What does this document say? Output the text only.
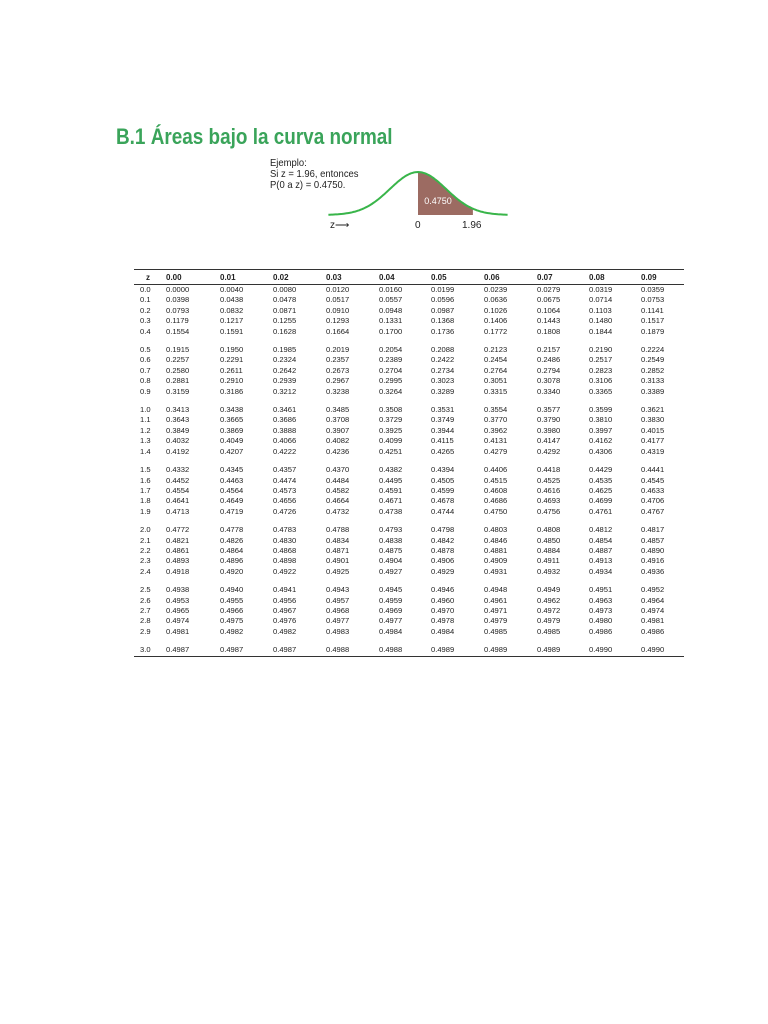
B.1 Áreas bajo la curva normal
Ejemplo:
Si z = 1.96, entonces
P(0 a z) = 0.4750.
0.4750
z⟶	0	1.96
z	0.00	0.01	0.02	0.03	0.04	0.05	0.06	0.07	0.08	0.09
0.0	0.0000	0.0040	0.0080	0.0120	0.0160	0.0199	0.0239	0.0279	0.0319	0.0359
0.1	0.0398	0.0438	0.0478	0.0517	0.0557	0.0596	0.0636	0.0675	0.0714	0.0753
0.2	0.0793	0.0832	0.0871	0.0910	0.0948	0.0987	0.1026	0.1064	0.1103	0.1141
0.3	0.1179	0.1217	0.1255	0.1293	0.1331	0.1368	0.1406	0.1443	0.1480	0.1517
0.4	0.1554	0.1591	0.1628	0.1664	0.1700	0.1736	0.1772	0.1808	0.1844	0.1879

0.5	0.1915	0.1950	0.1985	0.2019	0.2054	0.2088	0.2123	0.2157	0.2190	0.2224
0.6	0.2257	0.2291	0.2324	0.2357	0.2389	0.2422	0.2454	0.2486	0.2517	0.2549
0.7	0.2580	0.2611	0.2642	0.2673	0.2704	0.2734	0.2764	0.2794	0.2823	0.2852
0.8	0.2881	0.2910	0.2939	0.2967	0.2995	0.3023	0.3051	0.3078	0.3106	0.3133
0.9	0.3159	0.3186	0.3212	0.3238	0.3264	0.3289	0.3315	0.3340	0.3365	0.3389

1.0	0.3413	0.3438	0.3461	0.3485	0.3508	0.3531	0.3554	0.3577	0.3599	0.3621
1.1	0.3643	0.3665	0.3686	0.3708	0.3729	0.3749	0.3770	0.3790	0.3810	0.3830
1.2	0.3849	0.3869	0.3888	0.3907	0.3925	0.3944	0.3962	0.3980	0.3997	0.4015
1.3	0.4032	0.4049	0.4066	0.4082	0.4099	0.4115	0.4131	0.4147	0.4162	0.4177
1.4	0.4192	0.4207	0.4222	0.4236	0.4251	0.4265	0.4279	0.4292	0.4306	0.4319

1.5	0.4332	0.4345	0.4357	0.4370	0.4382	0.4394	0.4406	0.4418	0.4429	0.4441
1.6	0.4452	0.4463	0.4474	0.4484	0.4495	0.4505	0.4515	0.4525	0.4535	0.4545
1.7	0.4554	0.4564	0.4573	0.4582	0.4591	0.4599	0.4608	0.4616	0.4625	0.4633
1.8	0.4641	0.4649	0.4656	0.4664	0.4671	0.4678	0.4686	0.4693	0.4699	0.4706
1.9	0.4713	0.4719	0.4726	0.4732	0.4738	0.4744	0.4750	0.4756	0.4761	0.4767

2.0	0.4772	0.4778	0.4783	0.4788	0.4793	0.4798	0.4803	0.4808	0.4812	0.4817
2.1	0.4821	0.4826	0.4830	0.4834	0.4838	0.4842	0.4846	0.4850	0.4854	0.4857
2.2	0.4861	0.4864	0.4868	0.4871	0.4875	0.4878	0.4881	0.4884	0.4887	0.4890
2.3	0.4893	0.4896	0.4898	0.4901	0.4904	0.4906	0.4909	0.4911	0.4913	0.4916
2.4	0.4918	0.4920	0.4922	0.4925	0.4927	0.4929	0.4931	0.4932	0.4934	0.4936

2.5	0.4938	0.4940	0.4941	0.4943	0.4945	0.4946	0.4948	0.4949	0.4951	0.4952
2.6	0.4953	0.4955	0.4956	0.4957	0.4959	0.4960	0.4961	0.4962	0.4963	0.4964
2.7	0.4965	0.4966	0.4967	0.4968	0.4969	0.4970	0.4971	0.4972	0.4973	0.4974
2.8	0.4974	0.4975	0.4976	0.4977	0.4977	0.4978	0.4979	0.4979	0.4980	0.4981
2.9	0.4981	0.4982	0.4982	0.4983	0.4984	0.4984	0.4985	0.4985	0.4986	0.4986

3.0	0.4987	0.4987	0.4987	0.4988	0.4988	0.4989	0.4989	0.4989	0.4990	0.4990
